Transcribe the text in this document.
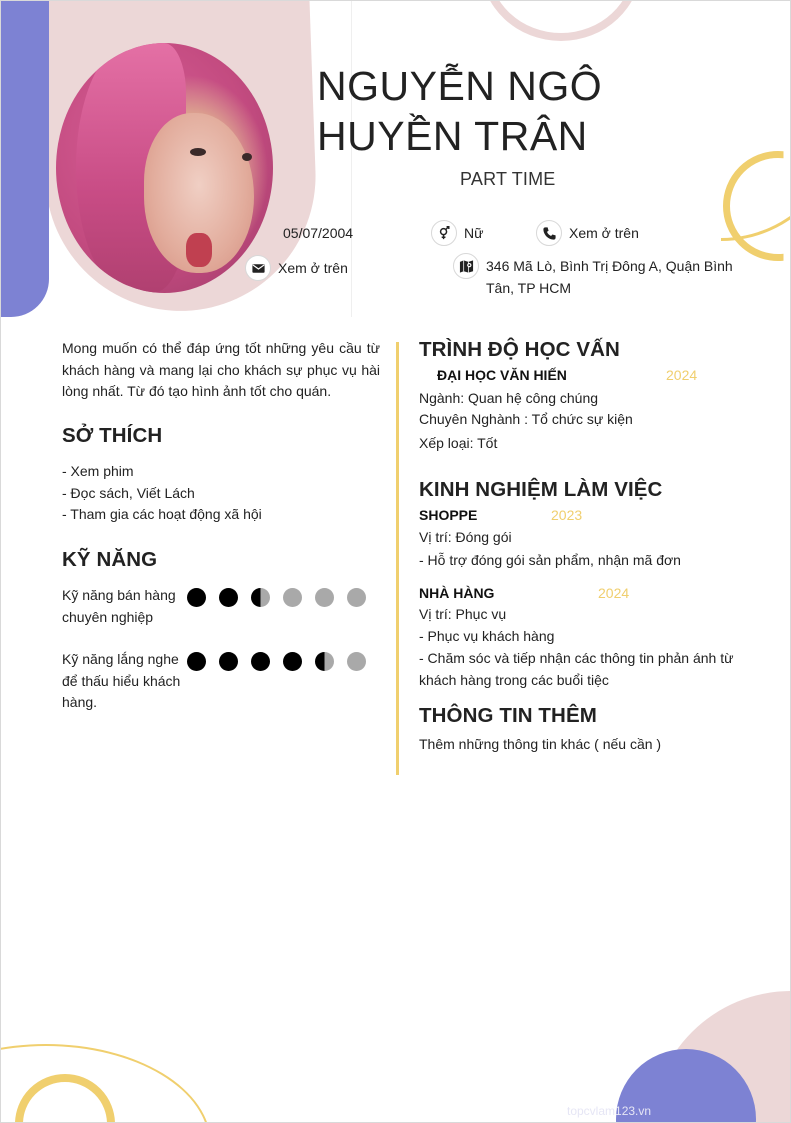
NGUYỄN NGÔ HUYỀN TRÂN
PART TIME
05/07/2004	Nữ	Xem ở trên
Xem ở trên	346 Mã Lò, Bình Trị Đông A, Quận Bình Tân, TP HCM

Mong muốn có thể đáp ứng tốt những yêu cầu từ khách hàng và mang lại cho khách sự phục vụ hài lòng nhất. Từ đó tạo hình ảnh tốt cho quán.

SỞ THÍCH
- Xem phim
- Đọc sách, Viết Lách
- Tham gia các hoạt động xã hội
KỸ NĂNG
Kỹ năng bán hàng chuyên nghiệp
Kỹ năng lắng nghe để thấu hiểu khách hàng.
TRÌNH ĐỘ HỌC VẤN
ĐẠI HỌC VĂN HIẾN	2024
Ngành: Quan hệ công chúng
Chuyên Nghành : Tổ chức sự kiện
Xếp loại: Tốt
KINH NGHIỆM LÀM VIỆC
SHOPPE	2023
Vị trí: Đóng gói
- Hỗ trợ đóng gói sản phẩm, nhận mã đơn
NHÀ HÀNG	2024
Vị trí: Phục vụ
- Phục vụ khách hàng
- Chăm sóc và tiếp nhận các thông tin phản ánh từ khách hàng trong các buổi tiệc
THÔNG TIN THÊM
Thêm những thông tin khác ( nếu cần )
topcvlam123.vn
